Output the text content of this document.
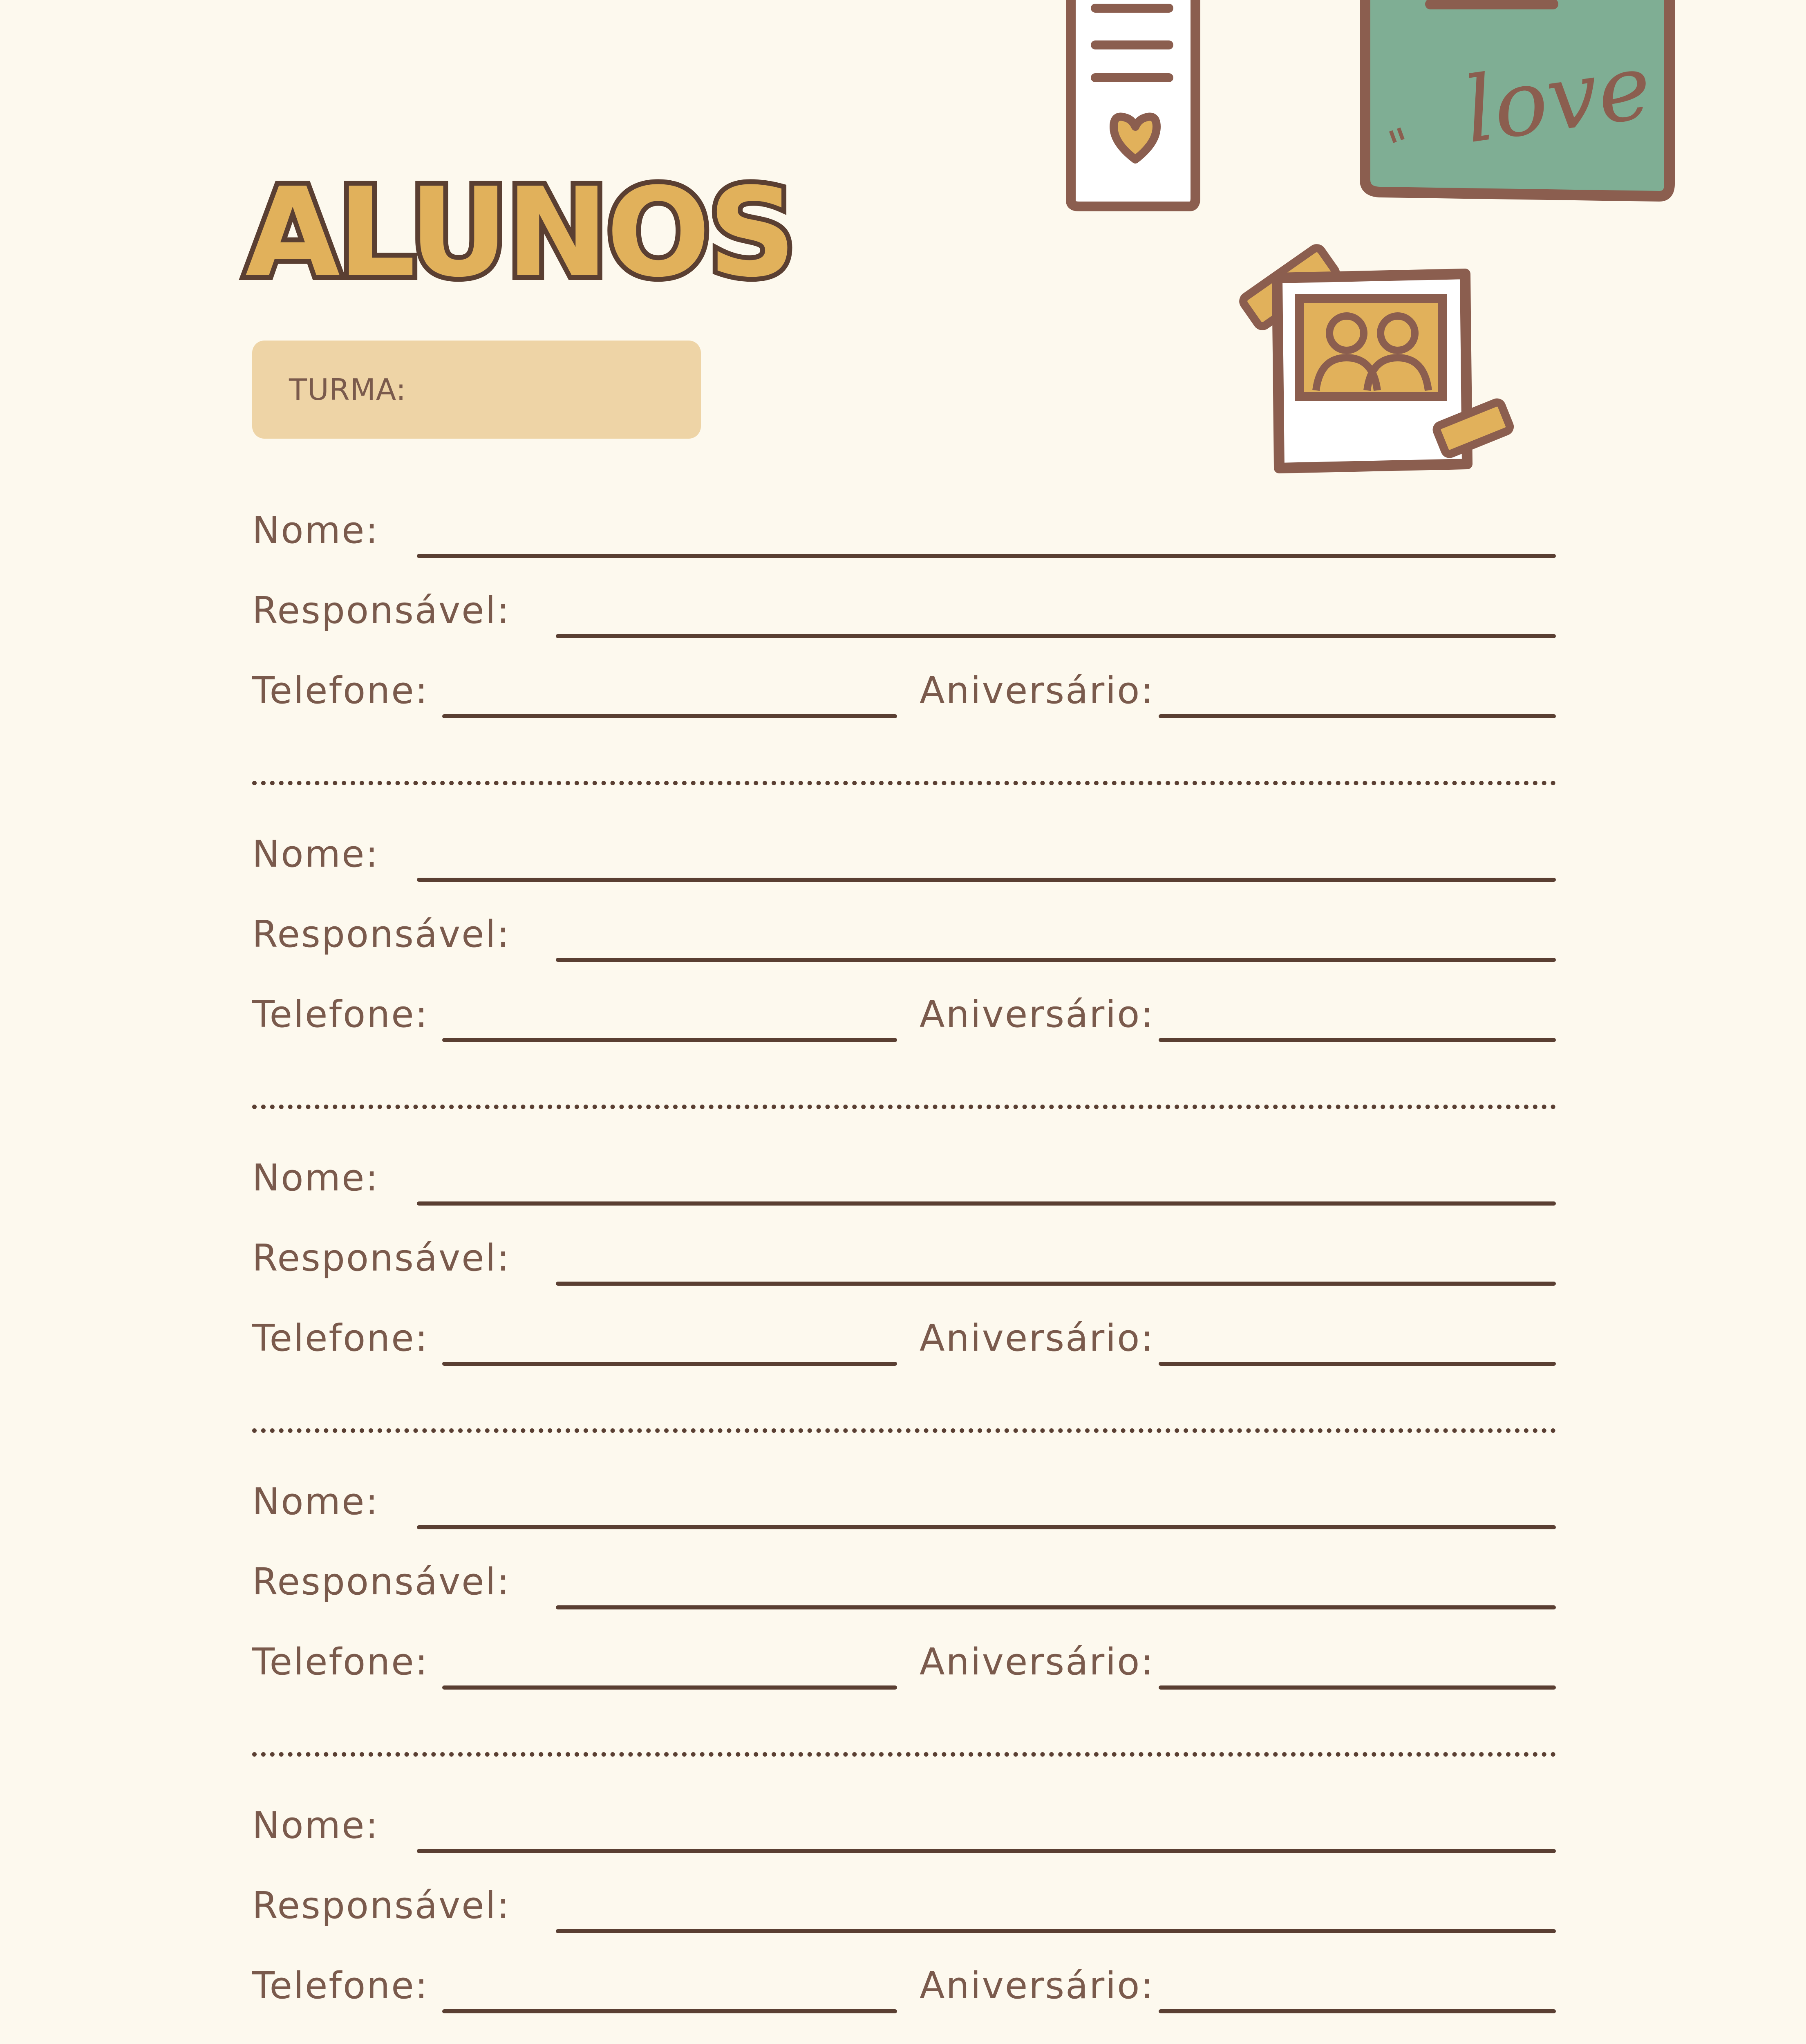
ALUNOS
TURMA:
love
"
Nome:
Responsável:
Telefone:	Aniversário:
Nome:
Responsável:
Telefone:	Aniversário:
Nome:
Responsável:
Telefone:	Aniversário:
Nome:
Responsável:
Telefone:	Aniversário:
Nome:
Responsável:
Telefone:	Aniversário:
